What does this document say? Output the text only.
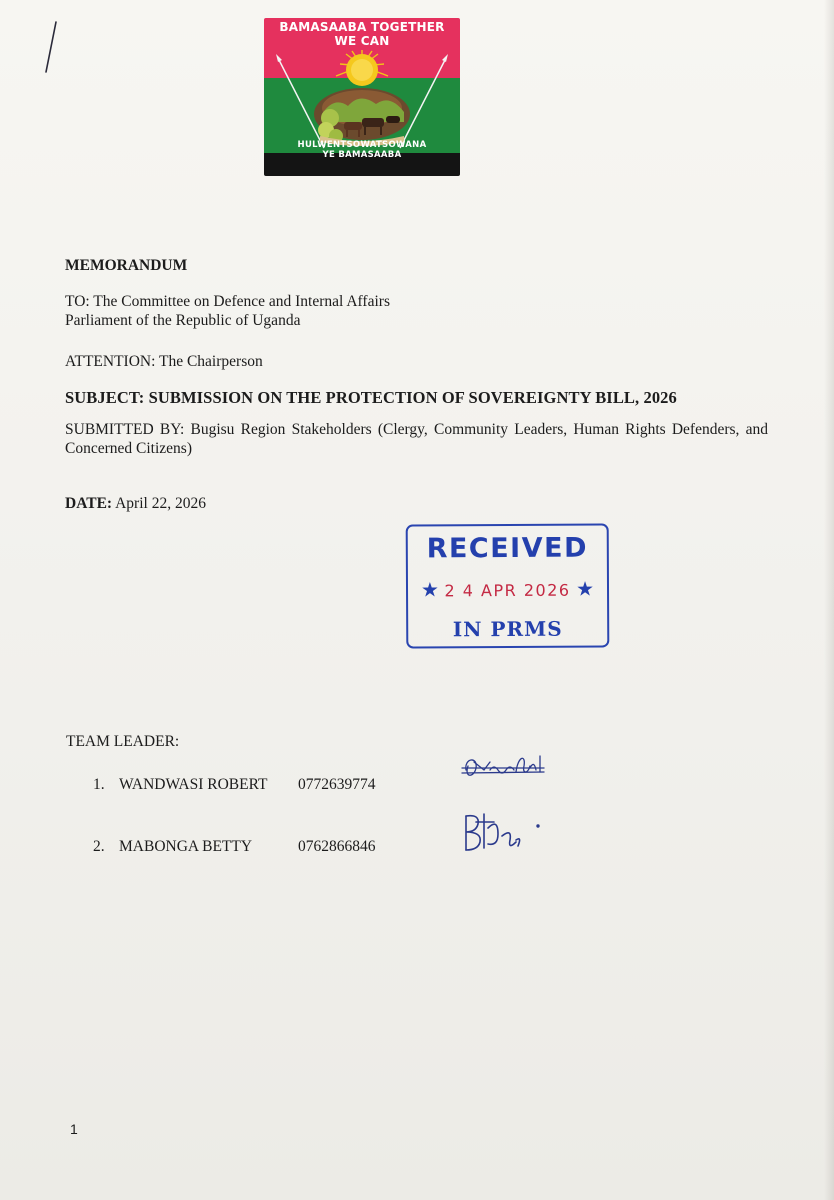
BAMASAABA TOGETHER
WE CAN
HULWENTSOWATSOWANA
YE BAMASAABA
MEMORANDUM
TO: The Committee on Defence and Internal Affairs
Parliament of the Republic of Uganda
ATTENTION: The Chairperson
SUBJECT: SUBMISSION ON THE PROTECTION OF SOVEREIGNTY BILL, 2026
SUBMITTED BY: Bugisu Region Stakeholders (Clergy, Community Leaders, Human Rights Defenders, and Concerned Citizens)
DATE: April 22, 2026
RECEIVED
★ 2 4 APR 2026 ★
IN PRMS
TEAM LEADER:
1. WANDWASI ROBERT 0772639774
2. MABONGA BETTY	0762866846
1
